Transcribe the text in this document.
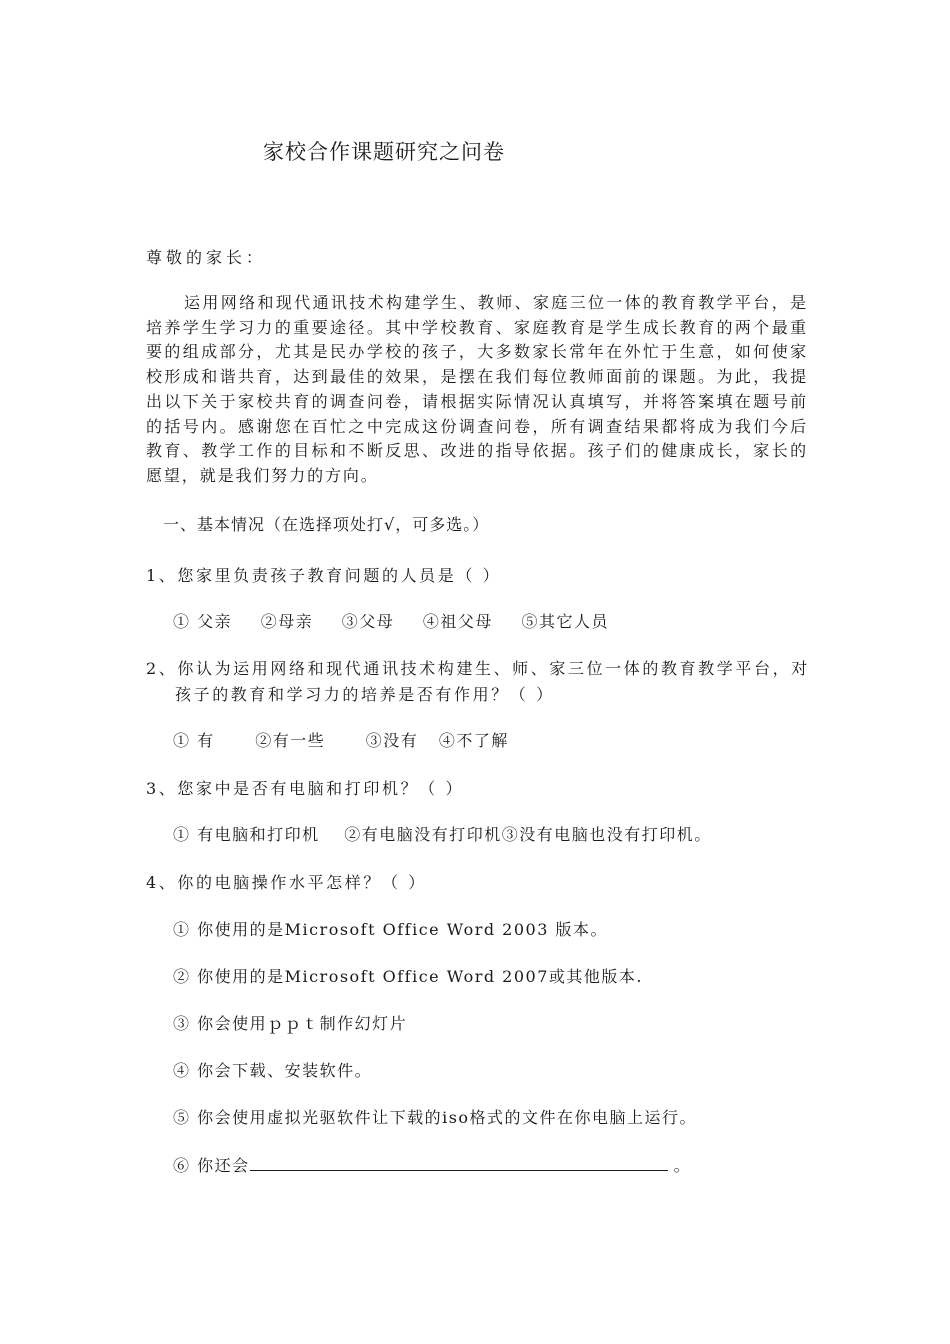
家校合作课题研究之问卷
尊敬的家长：

运用网络和现代通讯技术构建学生、教师、家庭三位一体的教育教学平台，是培养学生学习力的重要途径。其中学校教育、家庭教育是学生成长教育的两个最重要的组成部分，尤其是民办学校的孩子，大多数家长常年在外忙于生意，如何使家校形成和谐共育，达到最佳的效果，是摆在我们每位教师面前的课题。为此，我提出以下关于家校共育的调查问卷，请根据实际情况认真填写，并将答案填在题号前的括号内。感谢您在百忙之中完成这份调查问卷，所有调查结果都将成为我们今后教育、教学工作的目标和不断反思、改进的指导依据。孩子们的健康成长，家长的愿望，就是我们努力的方向。

一、基本情况（在选择项处打√，可多选。）
1、您家里负责孩子教育问题的人员是（ ）
① 父亲 ②母亲 ③父母 ④祖父母 ⑤其它人员
2、你认为运用网络和现代通讯技术构建生、师、家三位一体的教育教学平台，对
孩子的教育和学习力的培养是否有作用？（ ）
① 有	②有一些	③没有 ④不了解
3、您家中是否有电脑和打印机？（ ）
① 有电脑和打印机 ②有电脑没有打印机③没有电脑也没有打印机。
4、你的电脑操作水平怎样？（ ）
① 你使用的是Microsoft Office Word 2003 版本。
② 你使用的是Microsoft Office Word 2007或其他版本.
③ 你会使用ｐｐｔ制作幻灯片
④ 你会下载、安装软件。
⑤ 你会使用虚拟光驱软件让下载的iso格式的文件在你电脑上运行。
⑥ 你还会	。
